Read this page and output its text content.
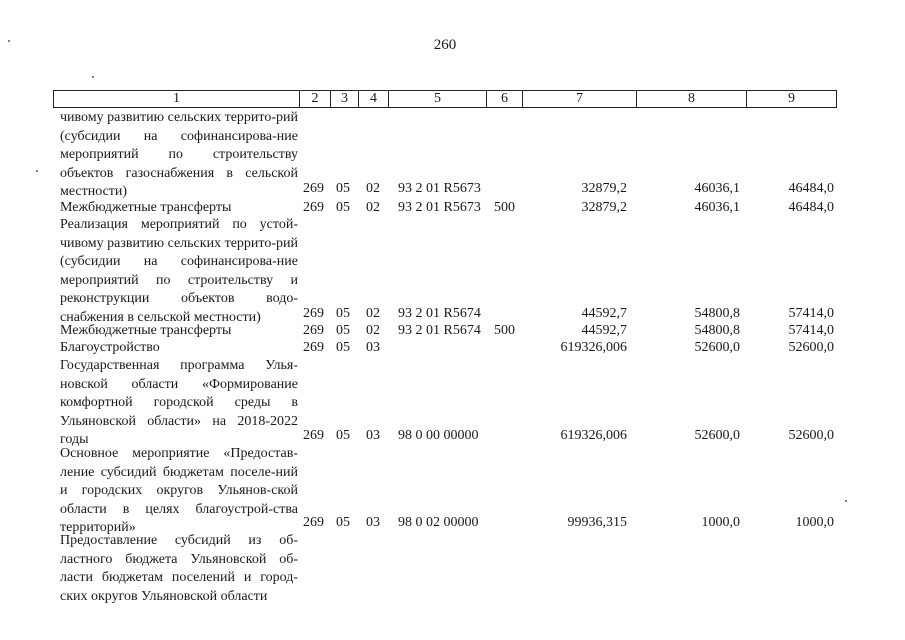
260
1	2	3	4	5	6	7	8	9
чивому развитию сельских террито-рий (субсидии на софинансирова-ние мероприятий по строительству объектов газоснабжения в сельской местности)	269 05 02 93 2 01 R5673	32879,2	46036,1	46484,0
Межбюджетные трансферты	269 05 02 93 2 01 R5673 500	32879,2	46036,1	46484,0
Реализация мероприятий по устой-чивому развитию сельских террито-рий (субсидии на софинансирова-ние мероприятий по строительству и реконструкции объектов водо-снабжения в сельской местности)	269 05 02 93 2 01 R5674	44592,7	54800,8	57414,0
Межбюджетные трансферты	269 05 02 93 2 01 R5674 500	44592,7	54800,8	57414,0
Благоустройство	269 05 03	619326,006	52600,0	52600,0
Государственная программа Улья-новской области «Формирование комфортной городской среды в Ульяновской области» на 2018-2022 годы	269 05 03 98 0 00 00000	619326,006	52600,0	52600,0
Основное мероприятие «Предостав-ление субсидий бюджетам поселе-ний и городских округов Ульянов-ской области в целях благоустрой-ства территорий»	269 05 03 98 0 02 00000	99936,315	1000,0	1000,0
Предоставление субсидий из об-ластного бюджета Ульяновской об-ласти бюджетам поселений и город-ских округов Ульяновской области
